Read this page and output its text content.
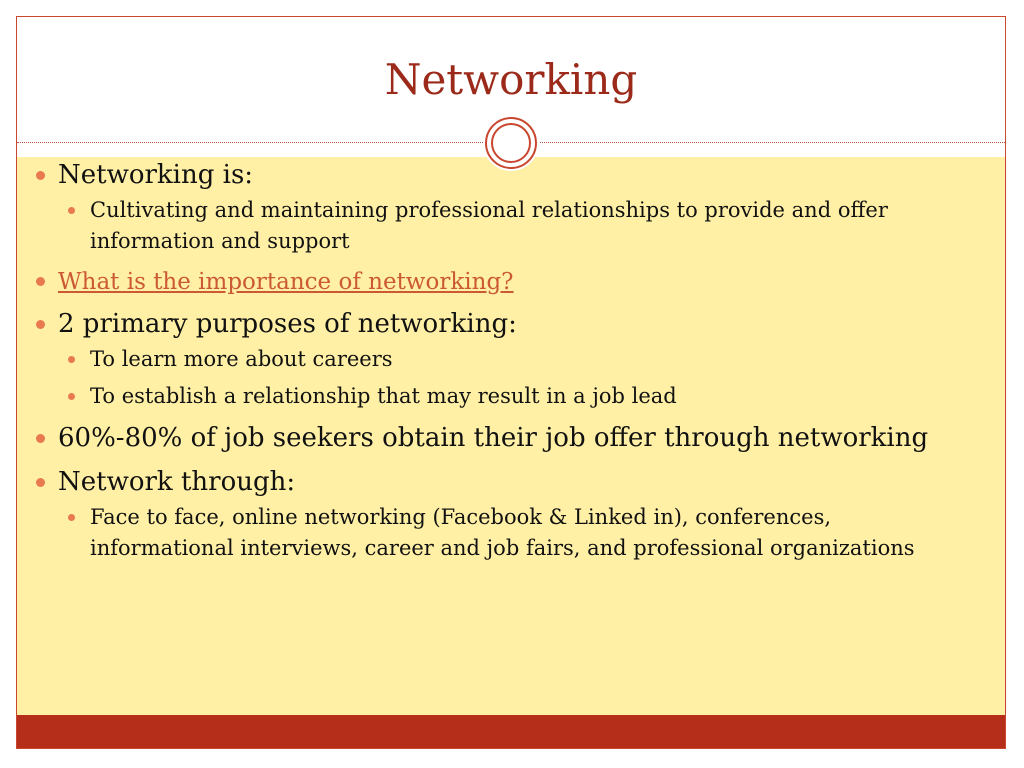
Networking
Networking is:
Cultivating and maintaining professional relationships to provide and offer information and support
What is the importance of networking?
2 primary purposes of networking:
To learn more about careers
To establish a relationship that may result in a job lead
60%-80% of job seekers obtain their job offer through networking
Network through:
Face to face, online networking (Facebook & Linked in), conferences, informational interviews, career and job fairs, and professional organizations
